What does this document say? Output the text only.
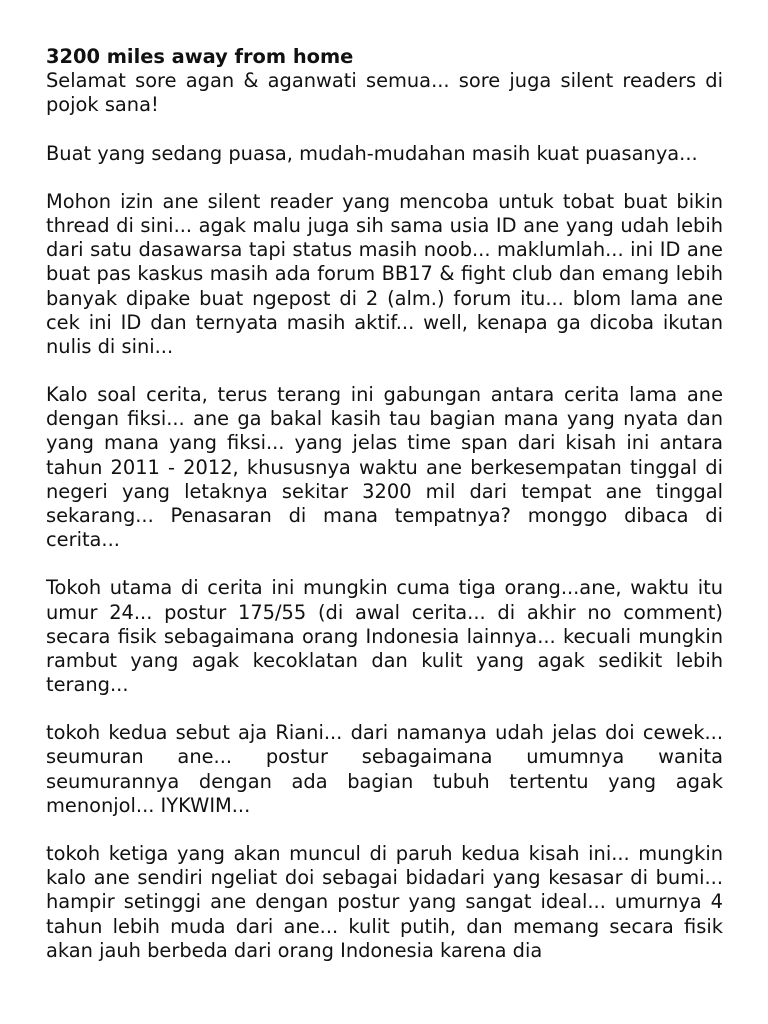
3200 miles away from home

Selamat sore agan & aganwati semua... sore juga silent readers di pojok sana!

Buat yang sedang puasa, mudah-mudahan masih kuat puasanya...

Mohon izin ane silent reader yang mencoba untuk tobat buat bikin thread di sini... agak malu juga sih sama usia ID ane yang udah lebih dari satu dasawarsa tapi status masih noob... maklumlah... ini ID ane buat pas kaskus masih ada forum BB17 & fight club dan emang lebih banyak dipake buat ngepost di 2 (alm.) forum itu... blom lama ane cek ini ID dan ternyata masih aktif... well, kenapa ga dicoba ikutan nulis di sini...

Kalo soal cerita, terus terang ini gabungan antara cerita lama ane dengan fiksi... ane ga bakal kasih tau bagian mana yang nyata dan yang mana yang fiksi... yang jelas time span dari kisah ini antara tahun 2011 - 2012, khususnya waktu ane berkesempatan tinggal di negeri yang letaknya sekitar 3200 mil dari tempat ane tinggal sekarang... Penasaran di mana tempatnya? monggo dibaca di cerita...

Tokoh utama di cerita ini mungkin cuma tiga orang...ane, waktu itu umur 24... postur 175/55 (di awal cerita... di akhir no comment) secara fisik sebagaimana orang Indonesia lainnya... kecuali mungkin rambut yang agak kecoklatan dan kulit yang agak sedikit lebih terang...

tokoh kedua sebut aja Riani... dari namanya udah jelas doi cewek... seumuran ane... postur sebagaimana umumnya wanita seumurannya dengan ada bagian tubuh tertentu yang agak menonjol... IYKWIM...

tokoh ketiga yang akan muncul di paruh kedua kisah ini... mungkin kalo ane sendiri ngeliat doi sebagai bidadari yang kesasar di bumi... hampir setinggi ane dengan postur yang sangat ideal... umurnya 4 tahun lebih muda dari ane... kulit putih, dan memang secara fisik akan jauh berbeda dari orang Indonesia karena dia
